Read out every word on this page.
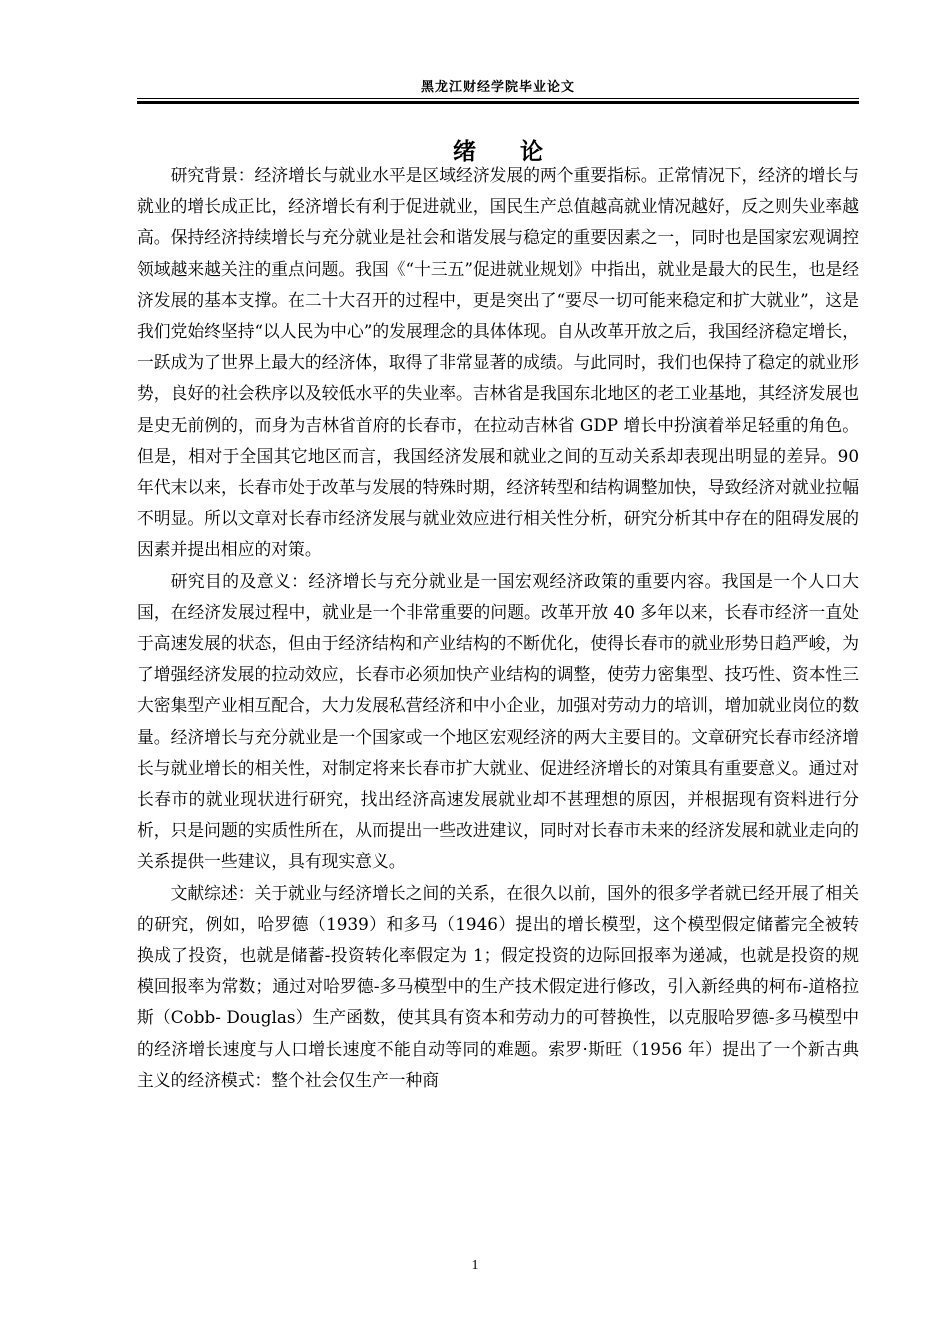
黑龙江财经学院毕业论文
绪 论

研究背景：经济增长与就业水平是区域经济发展的两个重要指标。正常情况下，经济的增长与就业的增长成正比，经济增长有利于促进就业，国民生产总值越高就业情况越好，反之则失业率越高。保持经济持续增长与充分就业是社会和谐发展与稳定的重要因素之一，同时也是国家宏观调控领域越来越关注的重点问题。我国《“十三五”促进就业规划》中指出，就业是最大的民生，也是经济发展的基本支撑。在二十大召开的过程中，更是突出了“要尽一切可能来稳定和扩大就业”，这是我们党始终坚持“以人民为中心”的发展理念的具体体现。自从改革开放之后，我国经济稳定增长，一跃成为了世界上最大的经济体，取得了非常显著的成绩。与此同时，我们也保持了稳定的就业形势，良好的社会秩序以及较低水平的失业率。吉林省是我国东北地区的老工业基地，其经济发展也是史无前例的，而身为吉林省首府的长春市，在拉动吉林省 GDP 增长中扮演着举足轻重的角色。但是，相对于全国其它地区而言，我国经济发展和就业之间的互动关系却表现出明显的差异。90 年代末以来，长春市处于改革与发展的特殊时期，经济转型和结构调整加快，导致经济对就业拉幅不明显。所以文章对长春市经济发展与就业效应进行相关性分析，研究分析其中存在的阻碍发展的因素并提出相应的对策。

研究目的及意义：经济增长与充分就业是一国宏观经济政策的重要内容。我国是一个人口大国，在经济发展过程中，就业是一个非常重要的问题。改革开放 40 多年以来，长春市经济一直处于高速发展的状态，但由于经济结构和产业结构的不断优化，使得长春市的就业形势日趋严峻，为了增强经济发展的拉动效应，长春市必须加快产业结构的调整，使劳力密集型、技巧性、资本性三大密集型产业相互配合，大力发展私营经济和中小企业，加强对劳动力的培训，增加就业岗位的数量。经济增长与充分就业是一个国家或一个地区宏观经济的两大主要目的。文章研究长春市经济增长与就业增长的相关性，对制定将来长春市扩大就业、促进经济增长的对策具有重要意义。通过对长春市的就业现状进行研究，找出经济高速发展就业却不甚理想的原因，并根据现有资料进行分析，只是问题的实质性所在，从而提出一些改进建议，同时对长春市未来的经济发展和就业走向的关系提供一些建议，具有现实意义。

文献综述：关于就业与经济增长之间的关系，在很久以前，国外的很多学者就已经开展了相关的研究，例如，哈罗德（1939）和多马（1946）提出的增长模型，这个模型假定储蓄完全被转换成了投资，也就是储蓄-投资转化率假定为 1；假定投资的边际回报率为递减，也就是投资的规模回报率为常数；通过对哈罗德-多马模型中的生产技术假定进行修改，引入新经典的柯布-道格拉斯（Cobb- Douglas）生产函数，使其具有资本和劳动力的可替换性，以克服哈罗德-多马模型中的经济增长速度与人口增长速度不能自动等同的难题。索罗·斯旺（1956 年）提出了一个新古典主义的经济模式：整个社会仅生产一种商

1
